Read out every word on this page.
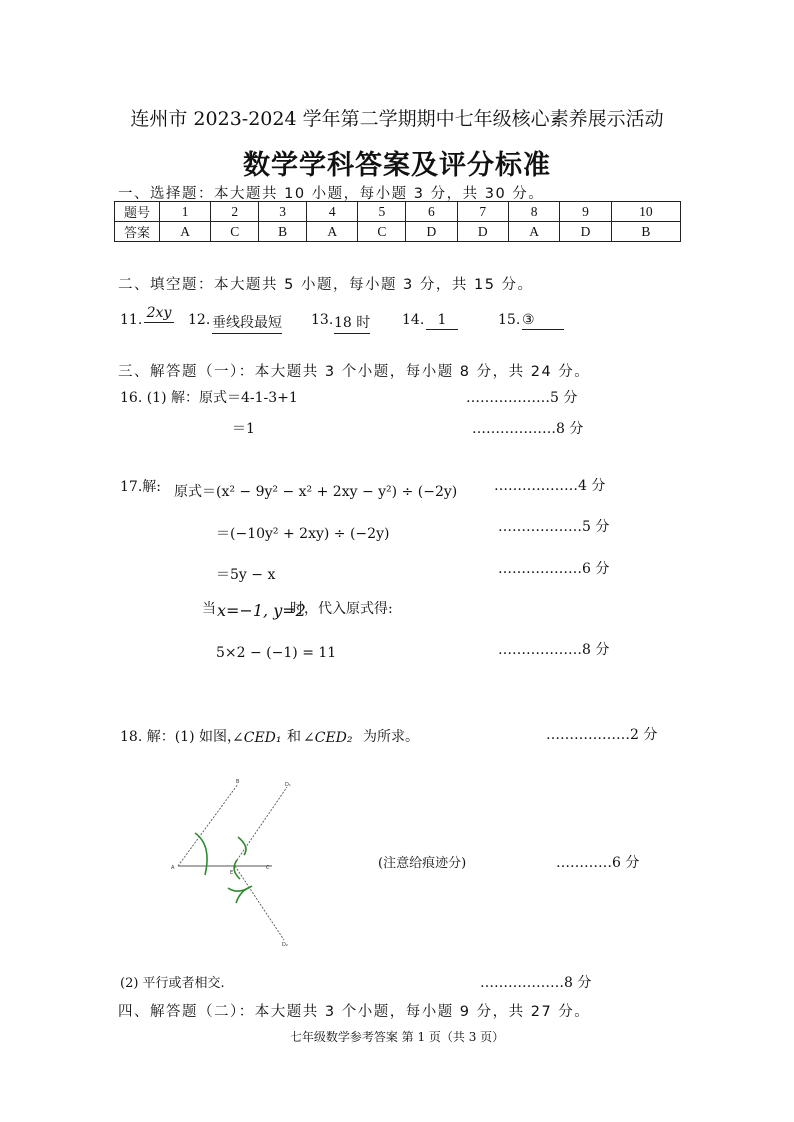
连州市 2023-2024 学年第二学期期中七年级核心素养展示活动
数学学科答案及评分标准
一、选择题：本大题共 10 小题，每小题 3 分，共 30 分。
题号	1	2	3	4	5	6	7	8	9	10
答案	A	C	B	A	C	D	D	A	D	B
二、填空题：本大题共 5 小题，每小题 3 分，共 15 分。
11. 2xy 12. 垂线段最短 13. 18 时 14. 1	15. ③
三、解答题（一）：本大题共 3 个小题，每小题 8 分，共 24 分。
16. (1) 解：原式＝4-1-3+1	………………5 分
＝1	………………8 分
17.解: 原式＝(x² − 9y² − x² + 2xy − y²) ÷ (−2y)	………………4 分
＝(−10y² + 2xy) ÷ (−2y)	………………5 分
＝5y − x	………………6 分
当 x=−1, y=2
时，代入原式得:
5×2 − (−1) = 11	………………8 分
18. 解：(1) 如图，
∠CED₁ 和 ∠CED₂ 为所求。	………………2 分
A
B	D₁
E
C
D₂
(注意给痕迹分)	…………6 分
(2) 平行或者相交.	………………8 分
四、解答题（二）：本大题共 3 个小题，每小题 9 分，共 27 分。
七年级数学参考答案 第 1 页（共 3 页）
